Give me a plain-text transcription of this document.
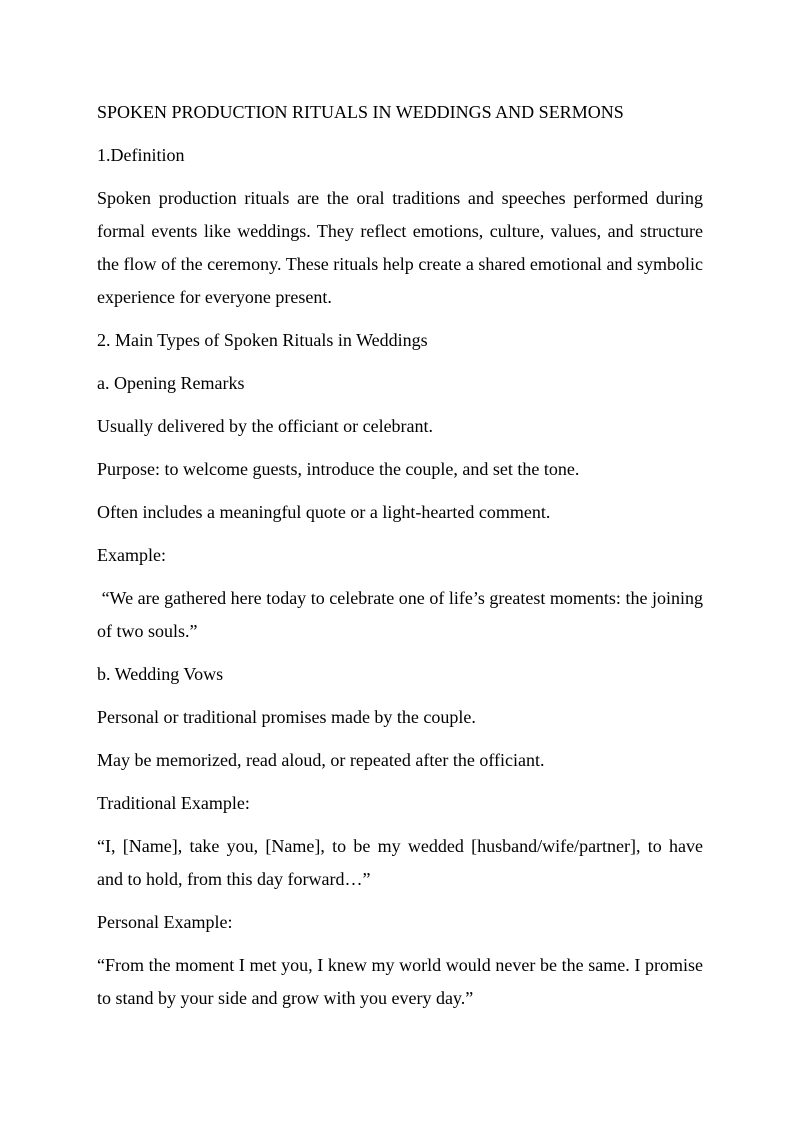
SPOKEN PRODUCTION RITUALS IN WEDDINGS AND SERMONS
1.Definition
Spoken production rituals are the oral traditions and speeches performed during formal events like weddings. They reflect emotions, culture, values, and structure the flow of the ceremony. These rituals help create a shared emotional and symbolic experience for everyone present.
2. Main Types of Spoken Rituals in Weddings
a. Opening Remarks
Usually delivered by the officiant or celebrant.
Purpose: to welcome guests, introduce the couple, and set the tone.
Often includes a meaningful quote or a light-hearted comment.
Example:
“We are gathered here today to celebrate one of life’s greatest moments: the joining of two souls.”
b. Wedding Vows
Personal or traditional promises made by the couple.
May be memorized, read aloud, or repeated after the officiant.
Traditional Example:
“I, [Name], take you, [Name], to be my wedded [husband/wife/partner], to have and to hold, from this day forward…”
Personal Example:
“From the moment I met you, I knew my world would never be the same. I promise to stand by your side and grow with you every day.”
